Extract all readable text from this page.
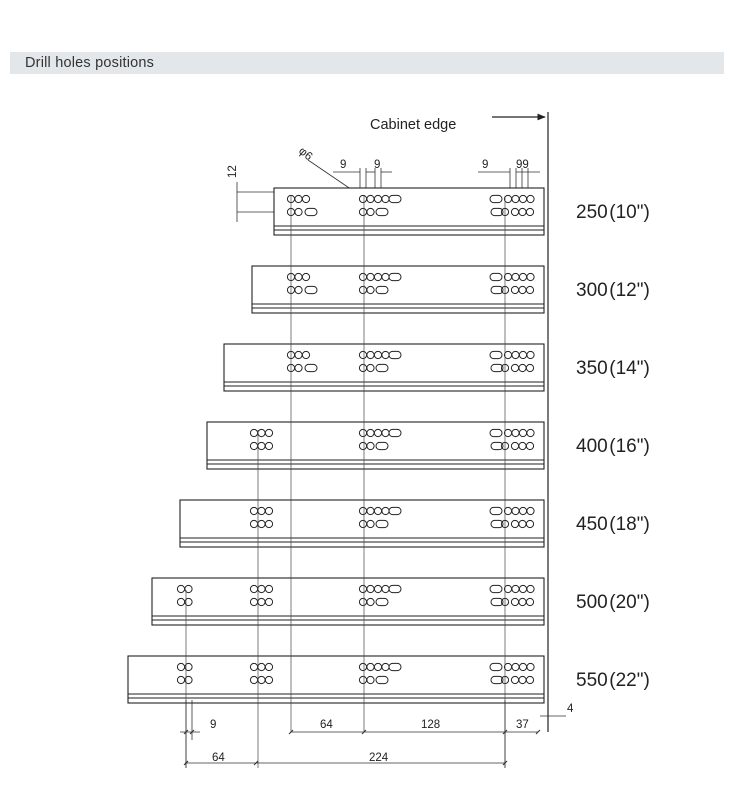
Drill holes positions
Cabinet edge
9 9	9 99
12
φ6
250 (10")
300 (12")
350 (14")
400 (16")
450 (18")
500 (20")
550 (22")
9	64	128	37
4
64	224
